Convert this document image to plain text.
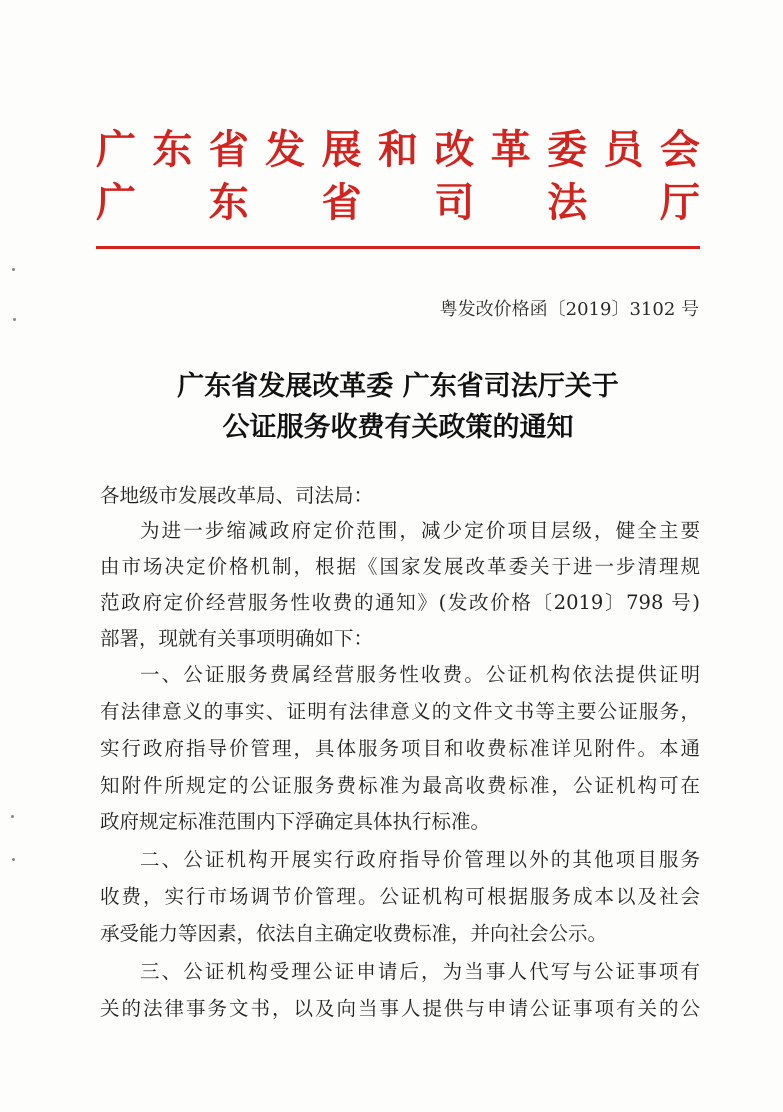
广 东 省 发 展 和 改 革 委 员 会
广 东 省 司 法 厅
粤发改价格函〔2019〕3102 号
广东省发展改革委 广东省司法厅关于
公证服务收费有关政策的通知
各地级市发展改革局、司法局：
为进一步缩减政府定价范围，减少定价项目层级，健全主要
由市场决定价格机制，根据《国家发展改革委关于进一步清理规
范政府定价经营服务性收费的通知》(发改价格〔2019〕798 号)
部署，现就有关事项明确如下：
一、公证服务费属经营服务性收费。公证机构依法提供证明
有法律意义的事实、证明有法律意义的文件文书等主要公证服务，
实行政府指导价管理，具体服务项目和收费标准详见附件。本通
知附件所规定的公证服务费标准为最高收费标准，公证机构可在
政府规定标准范围内下浮确定具体执行标准。
二、公证机构开展实行政府指导价管理以外的其他项目服务
收费，实行市场调节价管理。公证机构可根据服务成本以及社会
承受能力等因素，依法自主确定收费标准，并向社会公示。
三、公证机构受理公证申请后，为当事人代写与公证事项有
关的法律事务文书，以及向当事人提供与申请公证事项有关的公
